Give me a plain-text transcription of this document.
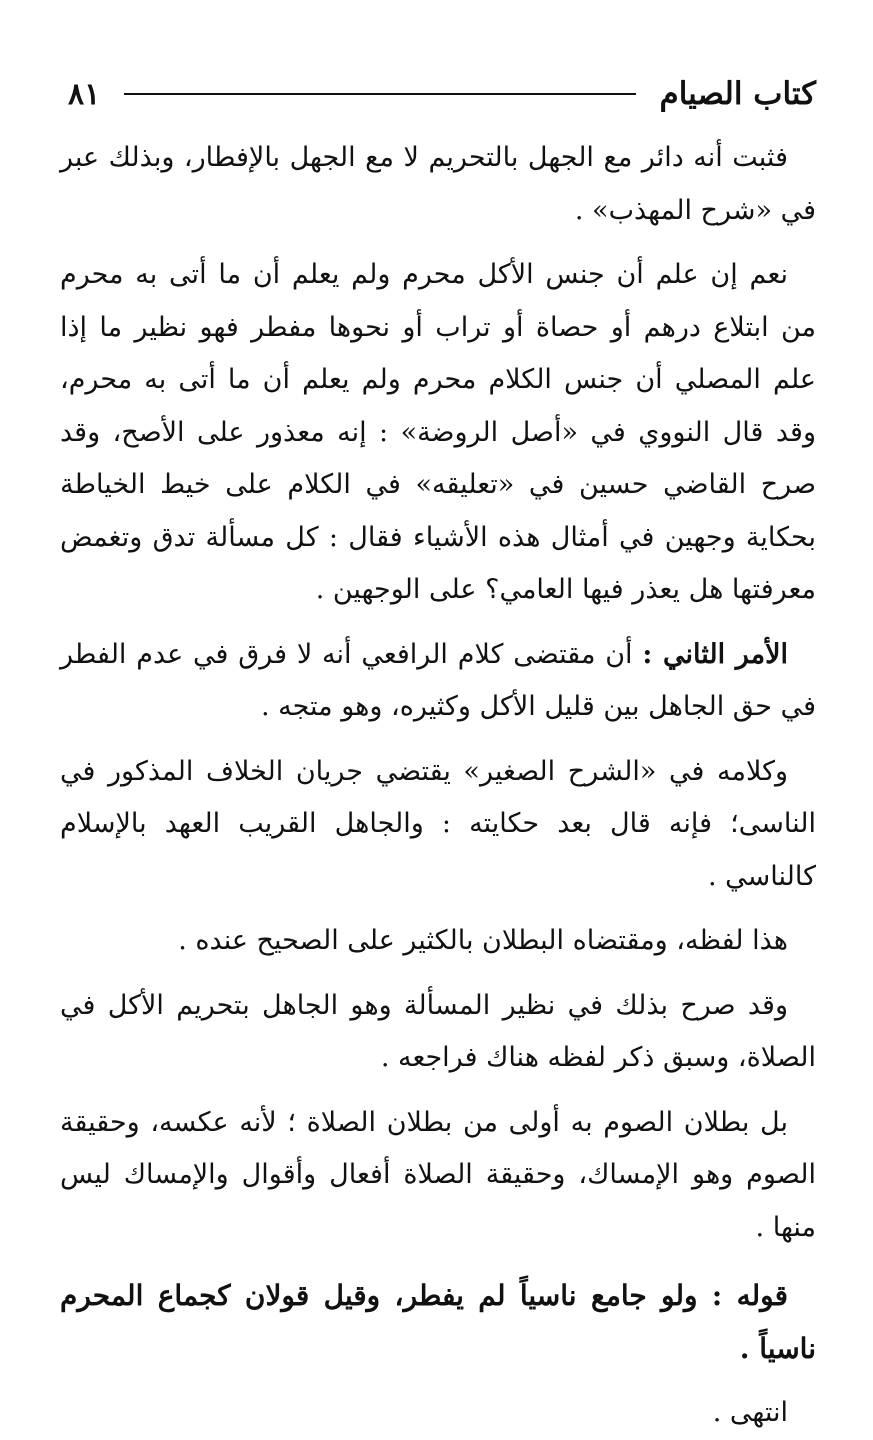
كتاب الصيام
٨١

فثبت أنه دائر مع الجهل بالتحريم لا مع الجهل بالإفطار، وبذلك عبر في «شرح المهذب» .

نعم إن علم أن جنس الأكل محرم ولم يعلم أن ما أتى به محرم من ابتلاع درهم أو حصاة أو تراب أو نحوها مفطر فهو نظير ما إذا علم المصلي أن جنس الكلام محرم ولم يعلم أن ما أتى به محرم، وقد قال النووي في «أصل الروضة» : إنه معذور على الأصح، وقد صرح القاضي حسين في «تعليقه» في الكلام على خيط الخياطة بحكاية وجهين في أمثال هذه الأشياء فقال : كل مسألة تدق وتغمض معرفتها هل يعذر فيها العامي؟ على الوجهين .

الأمر الثاني : أن مقتضى كلام الرافعي أنه لا فرق في عدم الفطر في حق الجاهل بين قليل الأكل وكثيره، وهو متجه .

وكلامه في «الشرح الصغير» يقتضي جريان الخلاف المذكور في الناسى؛ فإنه قال بعد حكايته : والجاهل القريب العهد بالإسلام كالناسي .

هذا لفظه، ومقتضاه البطلان بالكثير على الصحيح عنده .

وقد صرح بذلك في نظير المسألة وهو الجاهل بتحريم الأكل في الصلاة، وسبق ذكر لفظه هناك فراجعه .

بل بطلان الصوم به أولى من بطلان الصلاة ؛ لأنه عكسه، وحقيقة الصوم وهو الإمساك، وحقيقة الصلاة أفعال وأقوال والإمساك ليس منها .

قوله : ولو جامع ناسياً لم يفطر، وقيل قولان كجماع المحرم ناسياً .

انتهى .
